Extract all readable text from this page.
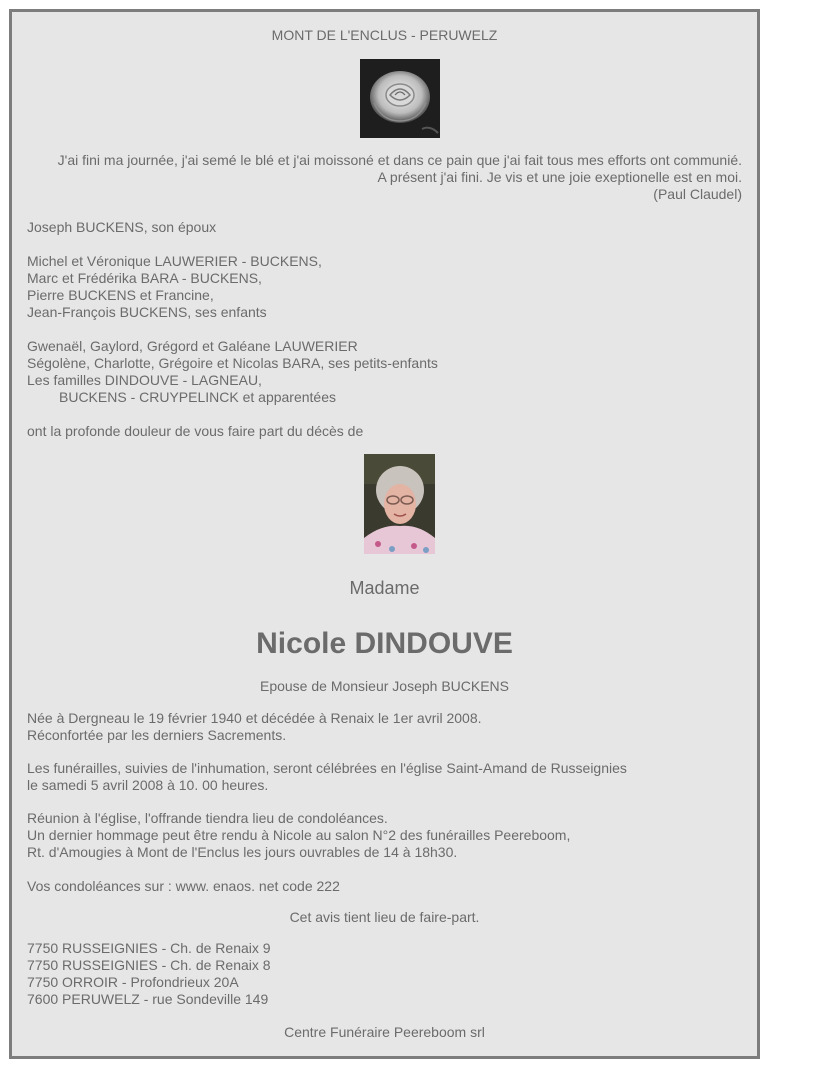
MONT DE L'ENCLUS - PERUWELZ
J'ai fini ma journée, j'ai semé le blé et j'ai moissoné et dans ce pain que j'ai fait tous mes efforts ont communié.
A présent j'ai fini. Je vis et une joie exeptionelle est en moi.
(Paul Claudel)
Joseph BUCKENS, son époux
Michel et Véronique LAUWERIER - BUCKENS,
Marc et Frédérika BARA - BUCKENS,
Pierre BUCKENS et Francine,
Jean-François BUCKENS, ses enfants
Gwenaël, Gaylord, Grégord et Galéane LAUWERIER
Ségolène, Charlotte, Grégoire et Nicolas BARA, ses petits-enfants
Les familles DINDOUVE - LAGNEAU,
BUCKENS - CRUYPELINCK et apparentées
ont la profonde douleur de vous faire part du décès de
Madame
Nicole DINDOUVE
Epouse de Monsieur Joseph BUCKENS
Née à Dergneau le 19 février 1940 et décédée à Renaix le 1er avril 2008.
Réconfortée par les derniers Sacrements.
Les funérailles, suivies de l'inhumation, seront célébrées en l'église Saint-Amand de Russeignies
le samedi 5 avril 2008 à 10. 00 heures.
Réunion à l'église, l'offrande tiendra lieu de condoléances.
Un dernier hommage peut être rendu à Nicole au salon N°2 des funérailles Peereboom,
Rt. d'Amougies à Mont de l'Enclus les jours ouvrables de 14 à 18h30.
Vos condoléances sur : www. enaos. net code 222
Cet avis tient lieu de faire-part.
7750 RUSSEIGNIES - Ch. de Renaix 9
7750 RUSSEIGNIES - Ch. de Renaix 8
7750 ORROIR - Profondrieux 20A
7600 PERUWELZ - rue Sondeville 149
Centre Funéraire Peereboom srl
